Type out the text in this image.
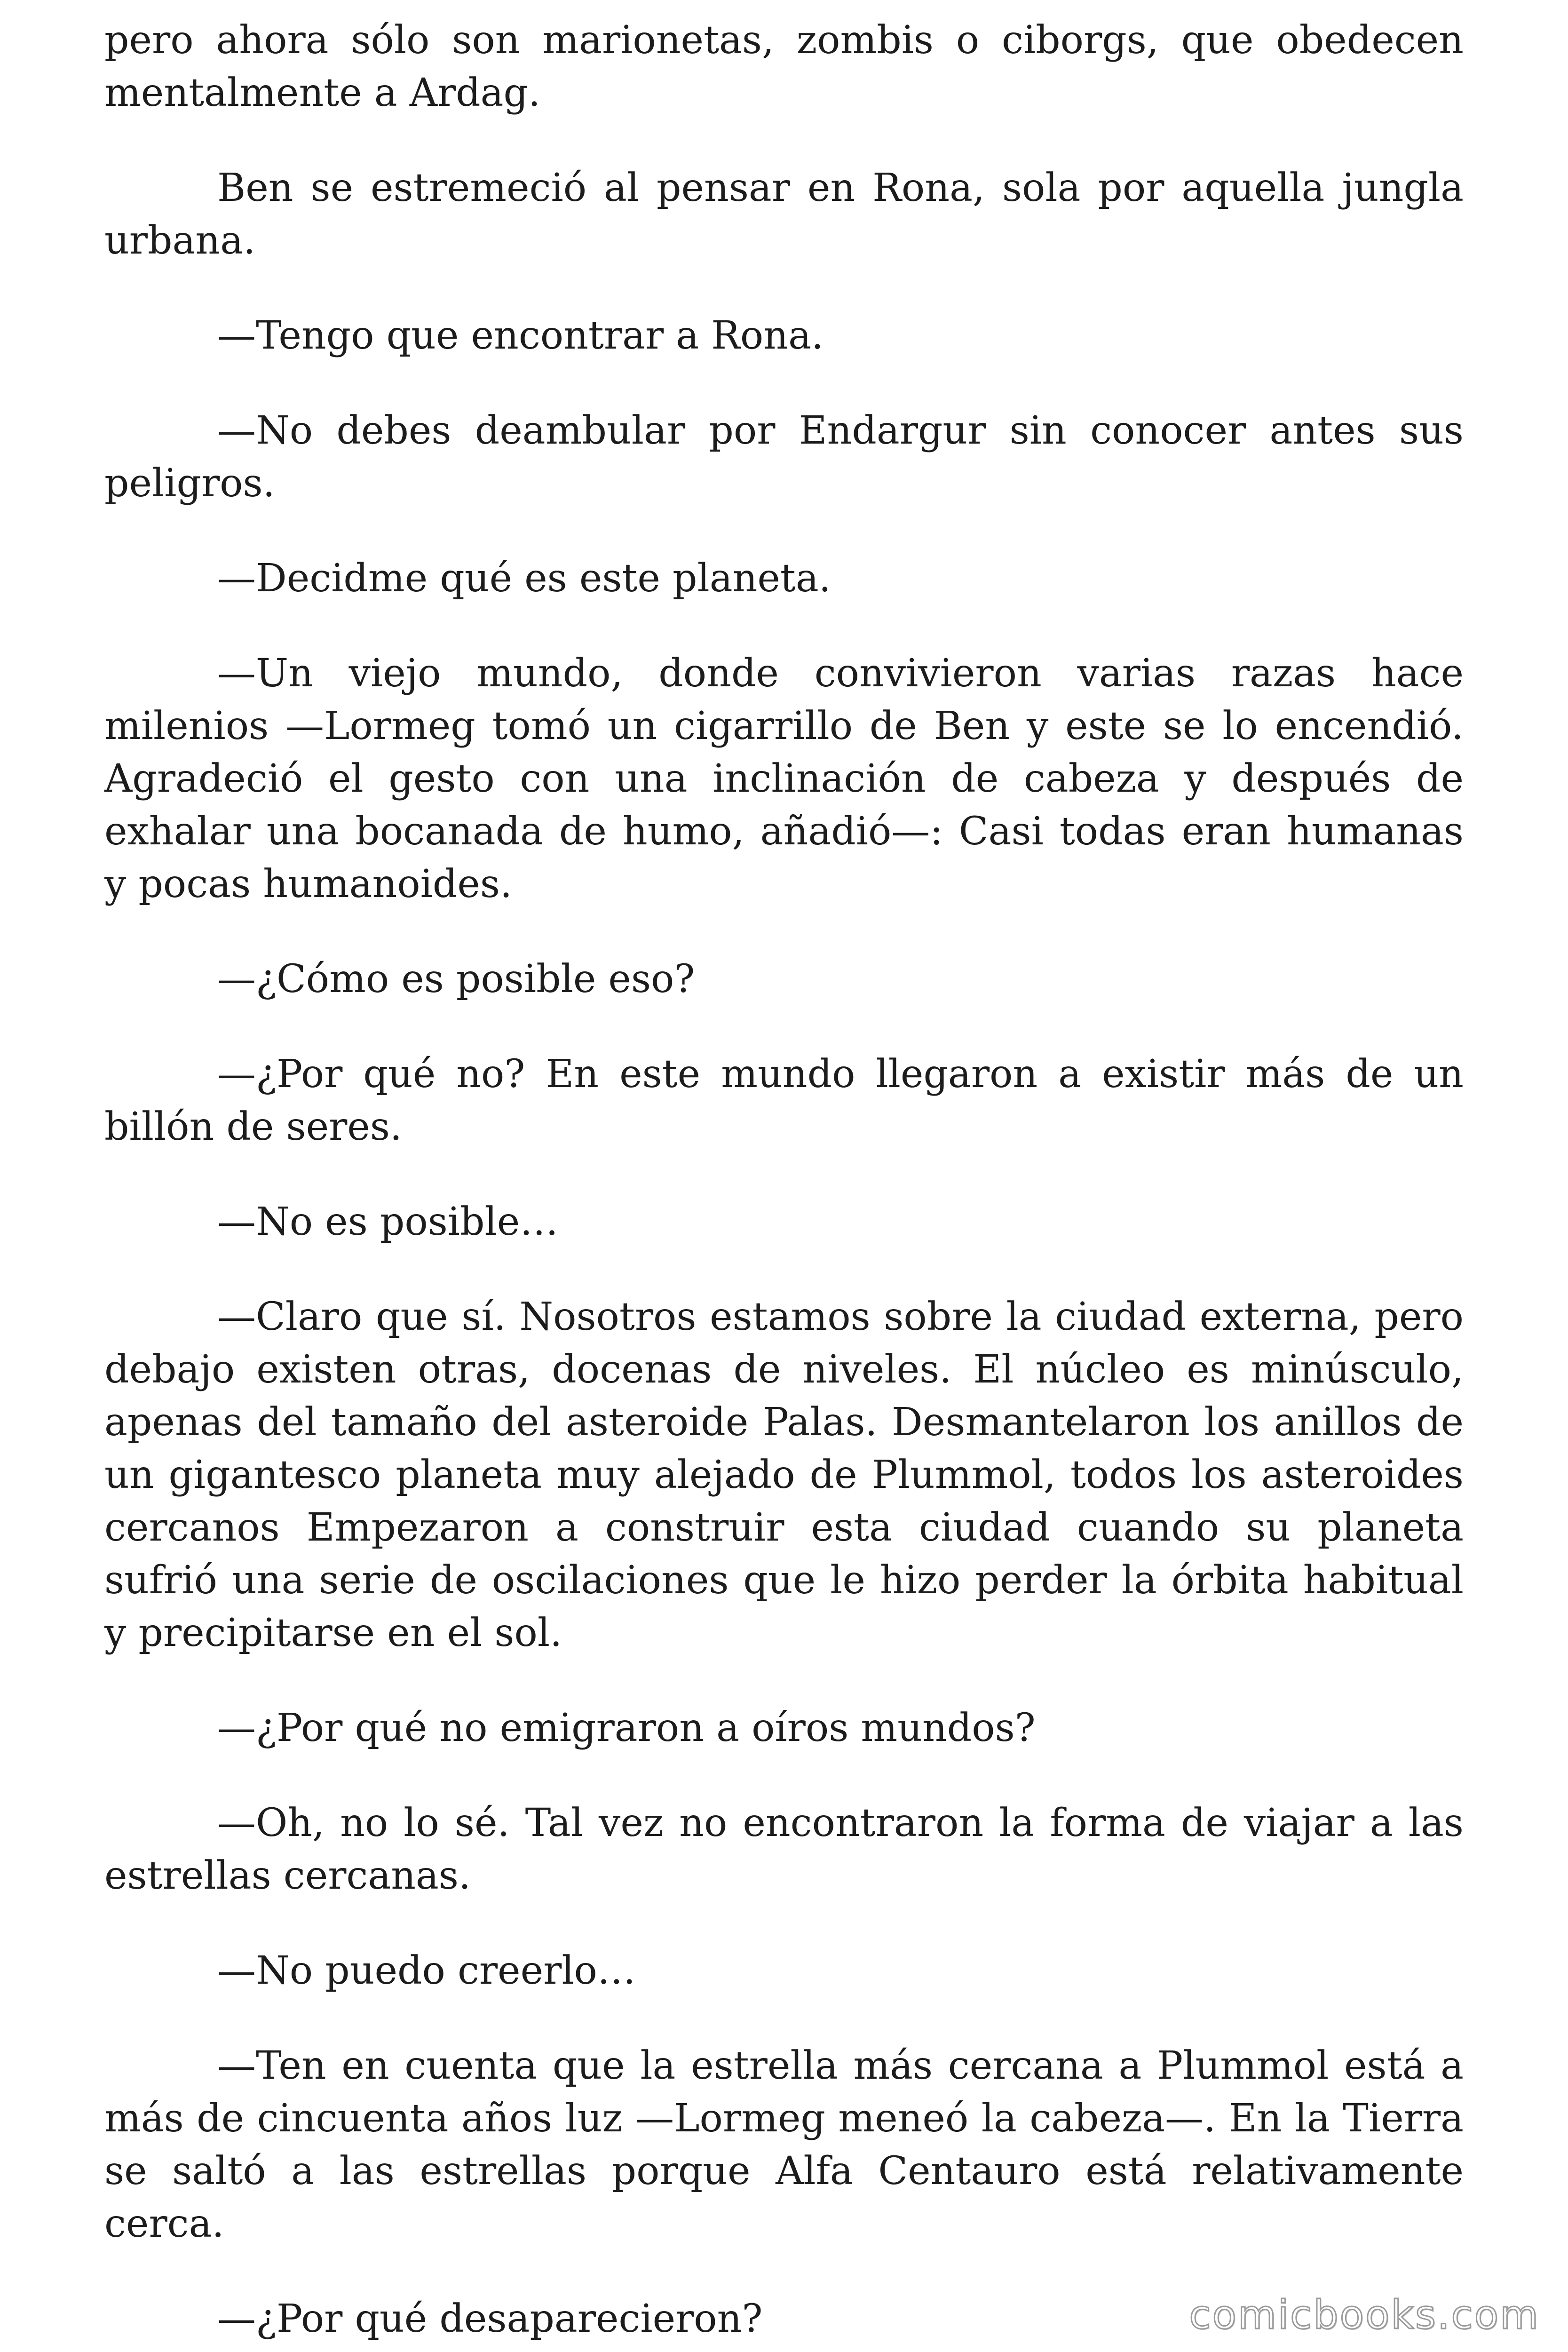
pero ahora sólo son marionetas, zombis o ciborgs, que obedecen mentalmente a Ardag.

Ben se estremeció al pensar en Rona, sola por aquella jungla urbana.

—Tengo que encontrar a Rona.

—No debes deambular por Endargur sin conocer antes sus peligros.

—Decidme qué es este planeta.

—Un viejo mundo, donde convivieron varias razas hace milenios —Lormeg tomó un cigarrillo de Ben y este se lo encendió. Agradeció el gesto con una inclinación de cabeza y después de exhalar una bocanada de humo, añadió—: Casi todas eran humanas y pocas humanoides.

—¿Cómo es posible eso?

—¿Por qué no? En este mundo llegaron a existir más de un billón de seres.

—No es posible…

—Claro que sí. Nosotros estamos sobre la ciudad externa, pero debajo existen otras, docenas de niveles. El núcleo es minúsculo, apenas del tamaño del asteroide Palas. Desmantelaron los anillos de un gigantesco planeta muy alejado de Plummol, todos los asteroides cercanos Empezaron a construir esta ciudad cuando su planeta sufrió una serie de oscilaciones que le hizo perder la órbita habitual y precipitarse en el sol.

—¿Por qué no emigraron a oíros mundos?

—Oh, no lo sé. Tal vez no encontraron la forma de viajar a las estrellas cercanas.

—No puedo creerlo…

—Ten en cuenta que la estrella más cercana a Plummol está a más de cincuenta años luz —Lormeg meneó la cabeza—. En la Tierra se saltó a las estrellas porque Alfa Centauro está relativamente cerca.

—¿Por qué desaparecieron?	comicbooks.com
